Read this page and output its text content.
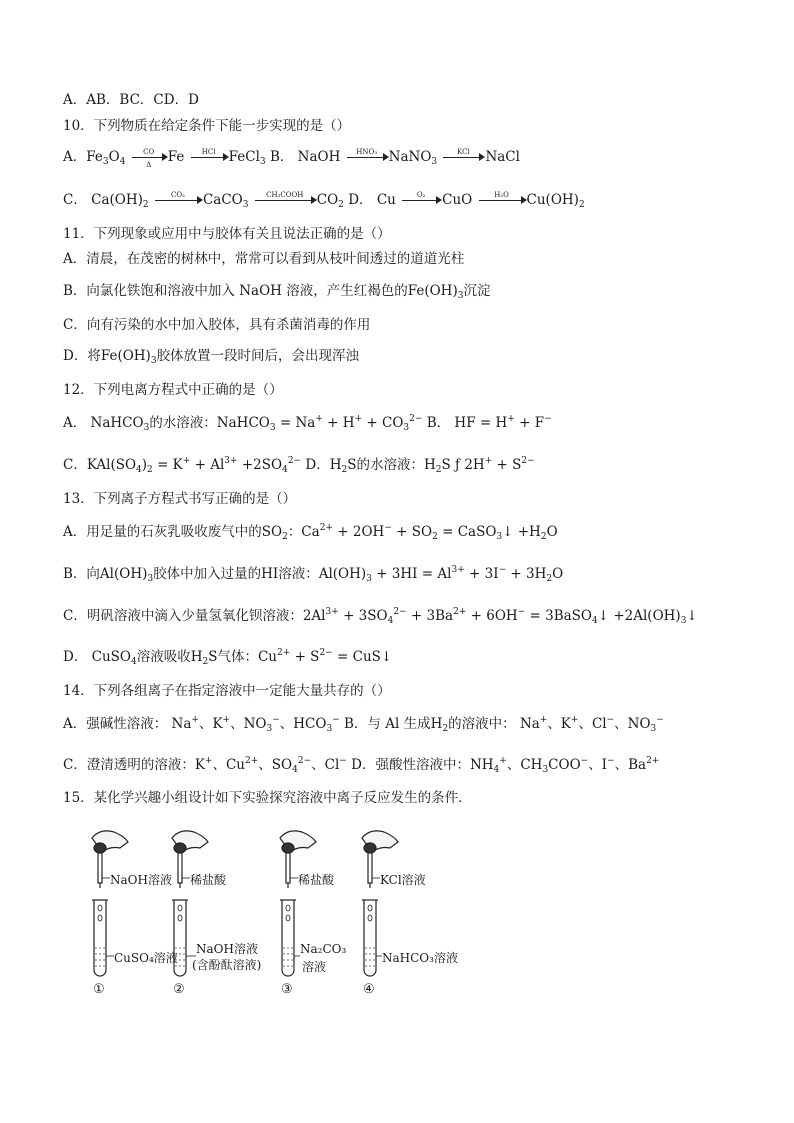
A．AB．BC．CD．D
10．下列物质在给定条件下能一步实现的是（）
A．$Fe_3O_4 \frac{CO}{\Delta}$ Fe	HCl FeCl$_3$ B． NaOH	HNO₃ NaNO$_3$
KCl	NaCl
C． $Ca(OH)_2$
CO₂	CaCO$_3$
CH₃COOH $CO_2$ D． Cu	O₂	CuO	H₂O	$Cu(OH)_2$
11．下列现象或应用中与胶体有关且说法正确的是（）
A．清晨，在茂密的树林中，常常可以看到从枝叶间透过的道道光柱
B．向氯化铁饱和溶液中加入 NaOH 溶液，产生红褐色的$Fe(OH)_3$沉淀
C．向有污染的水中加入胶体，具有杀菌消毒的作用
D．将$Fe(OH)_3$胶体放置一段时间后，会出现浑浊
12．下列电离方程式中正确的是（）
A． NaHCO$_3$的水溶液：NaHCO$_3$ = $Na^+ + H^+ + CO_3^{2-}$ B． HF = H+ + F−
C．$KAl(SO_4)_2 = K^+ + Al^{3+} +2SO_4^{2-}$ D．$H_2S$的水溶液：$H_2S$ ƒ $2H^+ + S^{2-}$
13．下列离子方程式书写正确的是（）
A．用足量的石灰乳吸收废气中的$SO_2$：$Ca^{2+} + 2OH^- + SO_2$ = CaSO$_3$↓ $+H_2O$
B．向$Al(OH)_3$胶体中加入过量的HI溶液：$Al(OH)_3 + 3HI = Al^{3+} + 3I^- + 3H_2O$
C．明矾溶液中滴入少量氢氧化钡溶液：$2Al^{3+} + 3SO_4^{2-} + 3Ba^{2+} + 6OH^-$ = 3BaSO$_4$↓ $+2Al(OH)_3↓$
D． CuSO$_4$溶液吸收$H_2S$气体：$Cu^{2+} + S^{2-}$ = CuS↓
14．下列各组离子在指定溶液中一定能大量共存的（）
A．强碱性溶液： Na+、K+、$NO_3^-$、$HCO_3^-$ B．与 Al 生成$H_2$的溶液中： Na+、K+、Cl−、$NO_3^-$
C．澄清透明的溶液：K+、$Cu^{2+}$、$SO_4^{2-}$、Cl− D．强酸性溶液中：$NH_4^+$、$CH_3COO^-$、I−、$Ba^{2+}$
15．某化学兴趣小组设计如下实验探究溶液中离子反应发生的条件．
NaOH溶液 稀盐酸	稀盐酸	KCl溶液
CuSO₄溶液
NaOH溶液
(含酚酞溶液)
Na₂CO₃
溶液
NaHCO₃溶液
①	②	③	④
